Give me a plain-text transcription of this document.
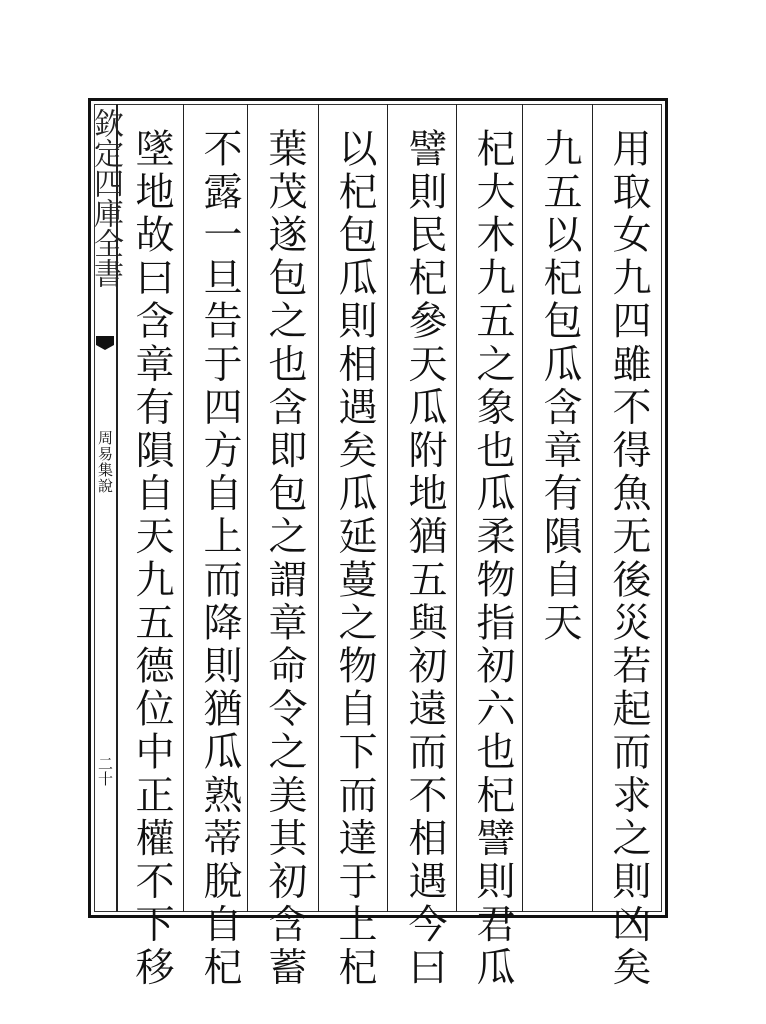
欽定四庫全書
周易集說
二十	用取女九四雖不得魚无後災若起而求之則凶矣
九五以杞包瓜含章有隕自天
杞大木九五之象也瓜柔物指初六也杞譬則君瓜
譬則民杞參天瓜附地猶五與初遠而不相遇今曰
以杞包瓜則相遇矣瓜延蔓之物自下而達于上杞
葉茂遂包之也含即包之謂章命令之美其初含蓄
不露一旦告于四方自上而降則猶瓜熟蒂脫自杞
墜地故曰含章有隕自天九五德位中正權不下移
